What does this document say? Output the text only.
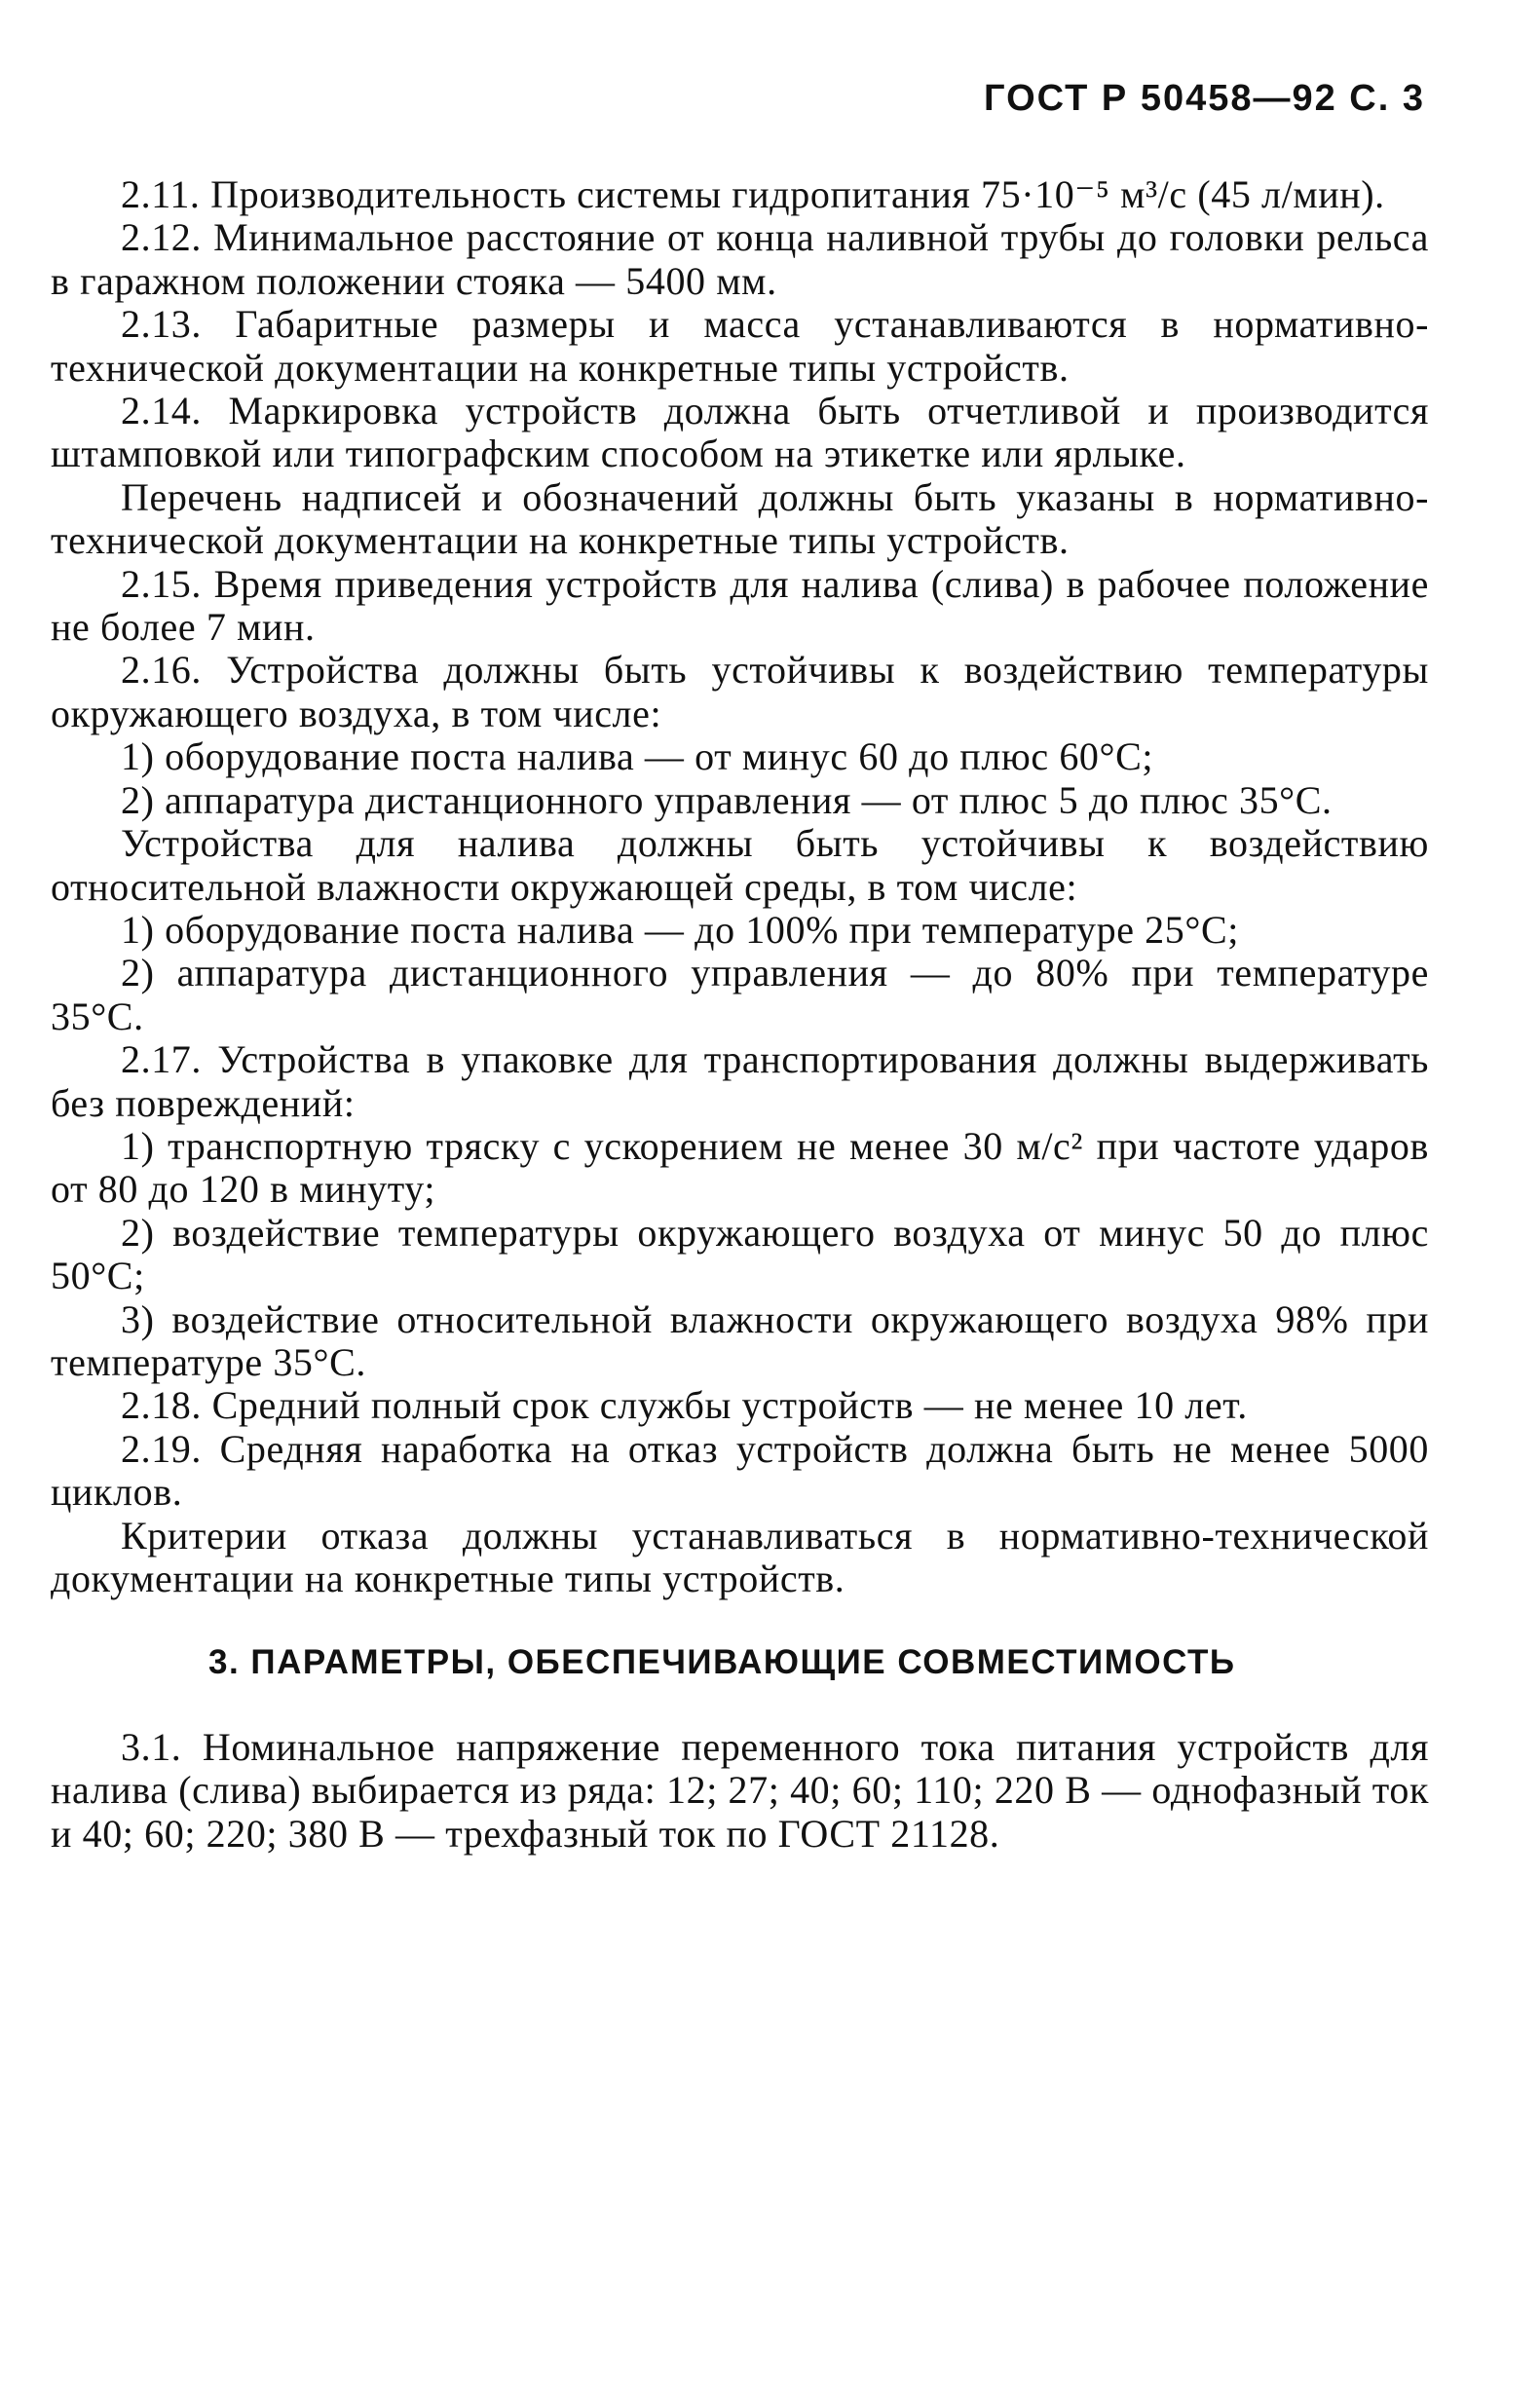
ГОСТ Р 50458—92 С. 3

2.11. Производительность системы гидропитания 75·10⁻⁵ м³/с (45 л/мин).

2.12. Минимальное расстояние от конца наливной трубы до головки рельса в гаражном положении стояка — 5400 мм.

2.13. Габаритные размеры и масса устанавливаются в нормативно-технической документации на конкретные типы устройств.

2.14. Маркировка устройств должна быть отчетливой и производится штамповкой или типографским способом на этикетке или ярлыке.

Перечень надписей и обозначений должны быть указаны в нормативно-технической документации на конкретные типы устройств.

2.15. Время приведения устройств для налива (слива) в рабочее положение не более 7 мин.

2.16. Устройства должны быть устойчивы к воздействию температуры окружающего воздуха, в том числе:

1) оборудование поста налива — от минус 60 до плюс 60°С;

2) аппаратура дистанционного управления — от плюс 5 до плюс 35°С.

Устройства для налива должны быть устойчивы к воздействию относительной влажности окружающей среды, в том числе:

1) оборудование поста налива — до 100% при температуре 25°С;

2) аппаратура дистанционного управления — до 80% при температуре 35°С.

2.17. Устройства в упаковке для транспортирования должны выдерживать без повреждений:

1) транспортную тряску с ускорением не менее 30 м/с² при частоте ударов от 80 до 120 в минуту;

2) воздействие температуры окружающего воздуха от минус 50 до плюс 50°С;

3) воздействие относительной влажности окружающего воздуха 98% при температуре 35°С.

2.18. Средний полный срок службы устройств — не менее 10 лет.

2.19. Средняя наработка на отказ устройств должна быть не менее 5000 циклов.

Критерии отказа должны устанавливаться в нормативно-технической документации на конкретные типы устройств.

3. ПАРАМЕТРЫ, ОБЕСПЕЧИВАЮЩИЕ СОВМЕСТИМОСТЬ

3.1. Номинальное напряжение переменного тока питания устройств для налива (слива) выбирается из ряда: 12; 27; 40; 60; 110; 220 В — однофазный ток и 40; 60; 220; 380 В — трехфазный ток по ГОСТ 21128.
